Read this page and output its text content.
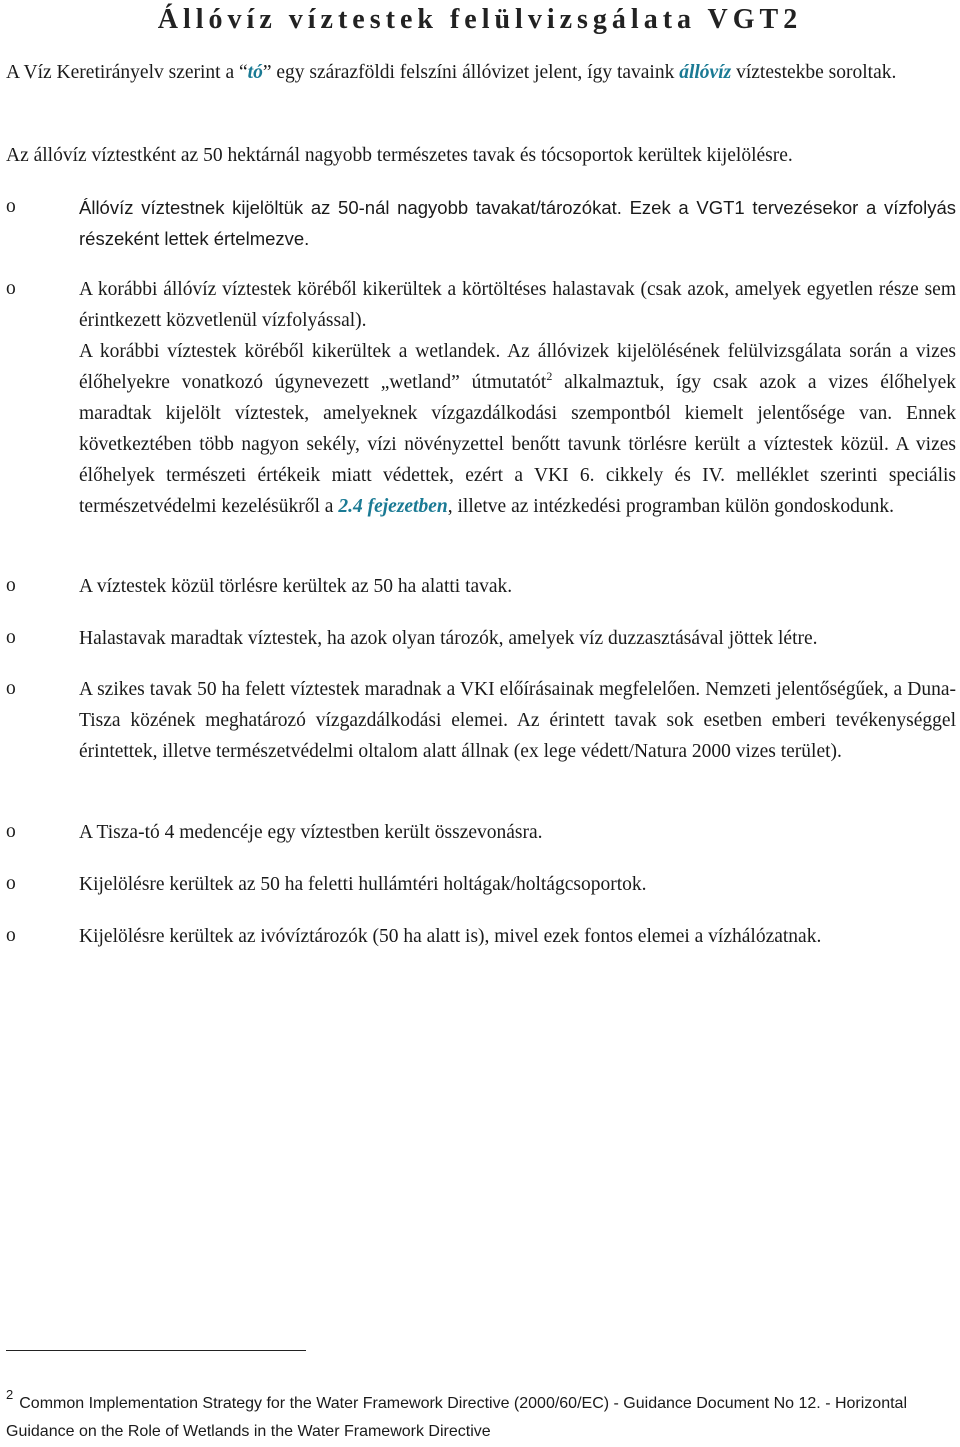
Állóvíz víztestek felülvizsgálata VGT2

A Víz Keretirányelv szerint a “tó” egy szárazföldi felszíni állóvizet jelent, így tavaink állóvíz víztestekbe soroltak.

Az állóvíz víztestként az 50 hektárnál nagyobb természetes tavak és tócsoportok kerültek kijelölésre.

o	Állóvíz víztestnek kijelöltük az 50-nál nagyobb tavakat/tározókat. Ezek a VGT1 tervezésekor a vízfolyás részeként lettek értelmezve.

o	A korábbi állóvíz víztestek köréből kikerültek a körtöltéses halastavak (csak azok, amelyek egyetlen része sem érintkezett közvetlenül vízfolyással).

A korábbi víztestek köréből kikerültek a wetlandek. Az állóvizek kijelölésének felülvizsgálata során a vizes élőhelyekre vonatkozó úgynevezett „wetland” útmutatót$^2$ alkalmaztuk, így csak azok a vizes élőhelyek maradtak kijelölt víztestek, amelyeknek vízgazdálkodási szempontból kiemelt jelentősége van. Ennek következtében több nagyon sekély, vízi növényzettel benőtt tavunk törlésre került a víztestek közül. A vizes élőhelyek természeti értékeik miatt védettek, ezért a VKI 6. cikkely és IV. melléklet szerinti speciális természetvédelmi kezelésükről a 2.4 fejezetben, illetve az intézkedési programban külön gondoskodunk.

o	A víztestek közül törlésre kerültek az 50 ha alatti tavak.

o	Halastavak maradtak víztestek, ha azok olyan tározók, amelyek víz duzzasztásával jöttek létre.

o	A szikes tavak 50 ha felett víztestek maradnak a VKI előírásainak megfelelően. Nemzeti jelentőségűek, a Duna-Tisza közének meghatározó vízgazdálkodási elemei. Az érintett tavak sok esetben emberi tevékenységgel érintettek, illetve természetvédelmi oltalom alatt állnak (ex lege védett/Natura 2000 vizes terület).

o	A Tisza-tó 4 medencéje egy víztestben került összevonásra.

o	Kijelölésre kerültek az 50 ha feletti hullámtéri holtágak/holtágcsoportok.

o	Kijelölésre kerültek az ivóvíztározók (50 ha alatt is), mivel ezek fontos elemei a vízhálózatnak.

$^2$Common Implementation Strategy for the Water Framework Directive (2000/60/EC) - Guidance Document No 12. - Horizontal Guidance on the Role of Wetlands in the Water Framework Directive
